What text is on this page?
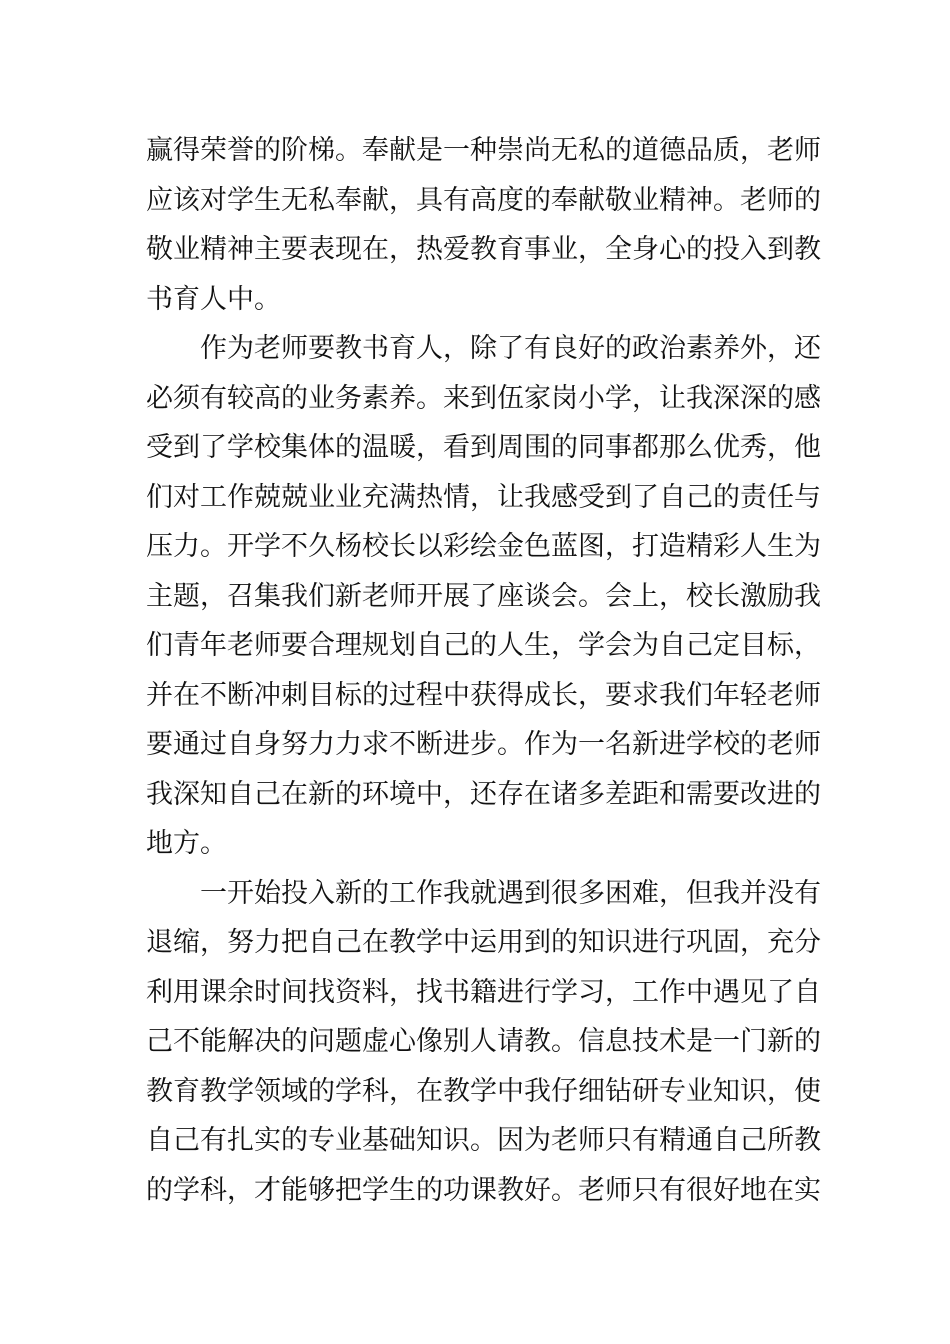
赢得荣誉的阶梯。奉献是一种崇尚无私的道德品质，老师
应该对学生无私奉献，具有高度的奉献敬业精神。老师的
敬业精神主要表现在，热爱教育事业，全身心的投入到教
书育人中。
作为老师要教书育人，除了有良好的政治素养外，还
必须有较高的业务素养。来到伍家岗小学，让我深深的感
受到了学校集体的温暖，看到周围的同事都那么优秀，他
们对工作兢兢业业充满热情，让我感受到了自己的责任与
压力。开学不久杨校长以彩绘金色蓝图，打造精彩人生为
主题，召集我们新老师开展了座谈会。会上，校长激励我
们青年老师要合理规划自己的人生，学会为自己定目标，
并在不断冲刺目标的过程中获得成长，要求我们年轻老师
要通过自身努力力求不断进步。作为一名新进学校的老师
我深知自己在新的环境中，还存在诸多差距和需要改进的
地方。
一开始投入新的工作我就遇到很多困难，但我并没有
退缩，努力把自己在教学中运用到的知识进行巩固，充分
利用课余时间找资料，找书籍进行学习，工作中遇见了自
己不能解决的问题虚心像别人请教。信息技术是一门新的
教育教学领域的学科，在教学中我仔细钻研专业知识，使
自己有扎实的专业基础知识。因为老师只有精通自己所教
的学科，才能够把学生的功课教好。老师只有很好地在实
